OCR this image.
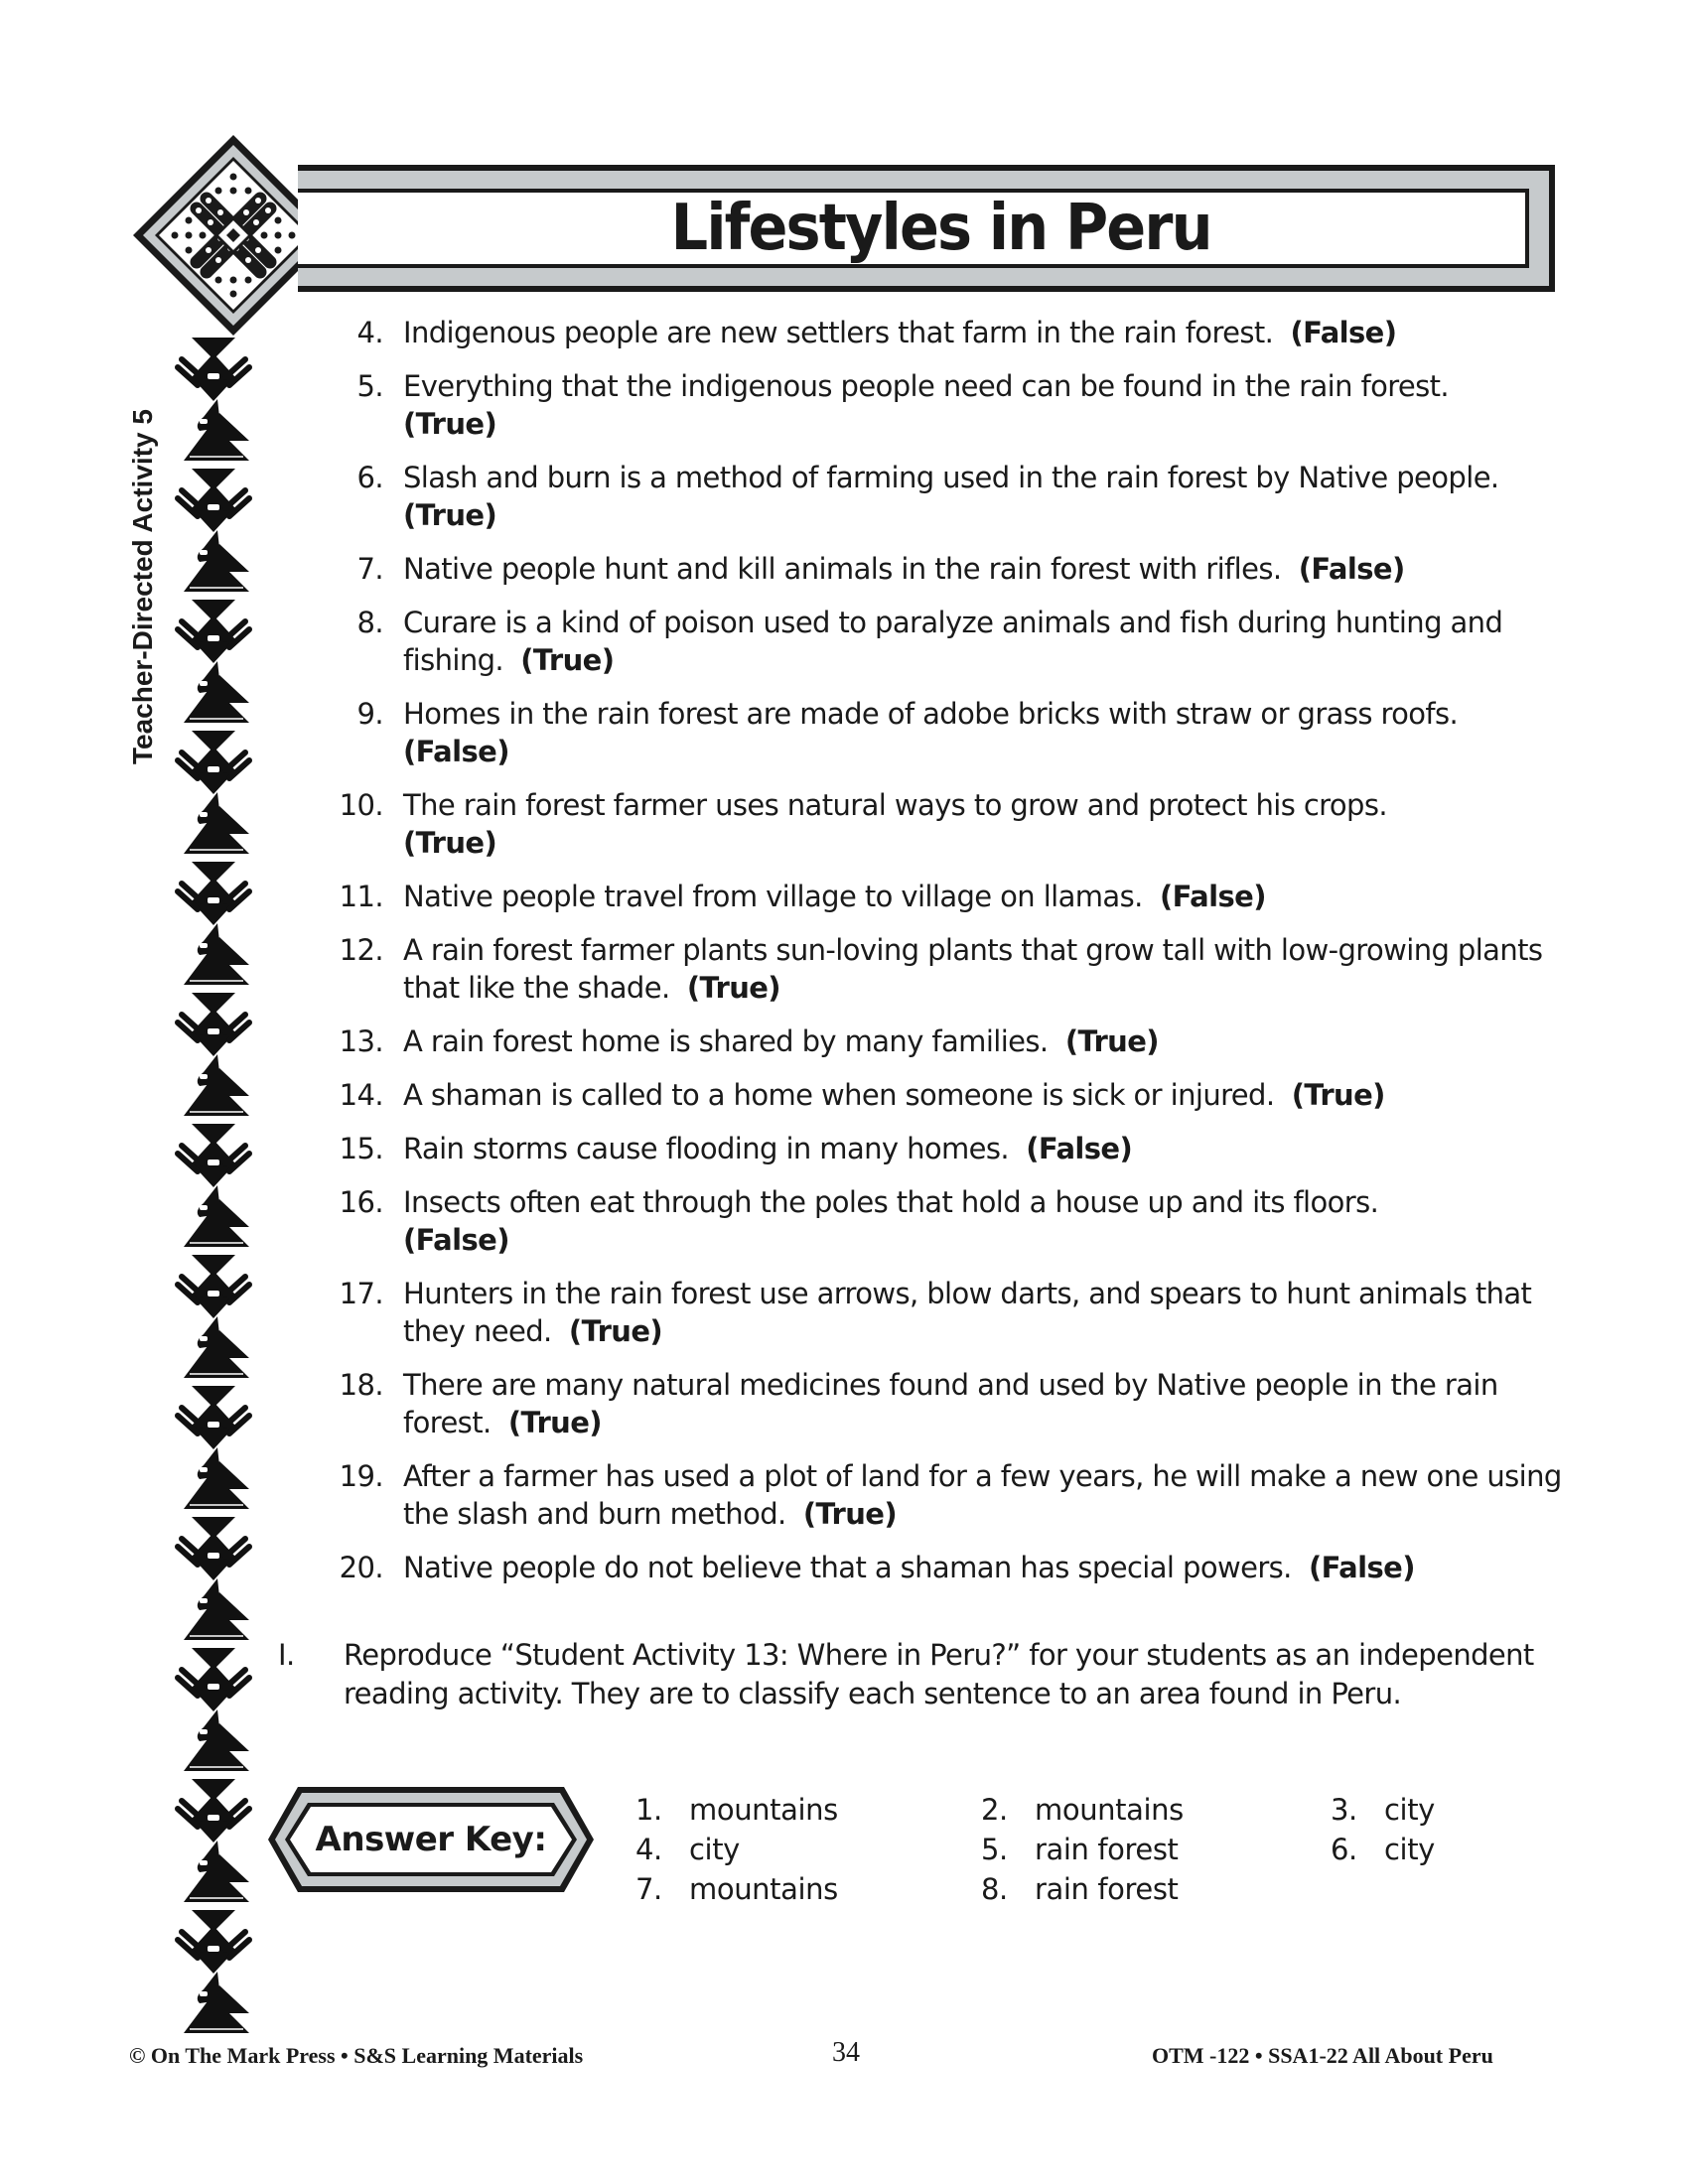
Lifestyles in Peru
Teacher-Directed Activity 5
4. Indigenous people are new settlers that farm in the rain forest. (False)
5. Everything that the indigenous people need can be found in the rain forest.
(True)
6. Slash and burn is a method of farming used in the rain forest by Native people.  (True)
7. Native people hunt and kill animals in the rain forest with rifles. (False)
8. Curare is a kind of poison used to paralyze animals and fish during hunting and fishing. (True)
9. Homes in the rain forest are made of adobe bricks with straw or grass roofs.
(False)
10. The rain forest farmer uses natural ways to grow and protect his crops.
(True)
11. Native people travel from village to village on llamas. (False)
12. A rain forest farmer plants sun-loving plants that grow tall with low-growing plants that like the shade. (True)
13. A rain forest home is shared by many families. (True)
14. A shaman is called to a home when someone is sick or injured. (True)
15. Rain storms cause flooding in many homes. (False)
16. Insects often eat through the poles that hold a house up and its floors.
(False)
17. Hunters in the rain forest use arrows, blow darts, and spears to hunt animals that they need. (True)
18. There are many natural medicines found and used by Native people in the rain forest. (True)
19. After a farmer has used a plot of land for a few years, he will make a new one using the slash and burn method. (True)
20. Native people do not believe that a shaman has special powers. (False)
I.	Reproduce “Student Activity 13: Where in Peru?” for your students as an independent reading activity. They are to classify each sentence to an area found in Peru.
Answer Key:
1. mountains	2. mountains	3. city
4. city	5. rain forest	6. city
7. mountains	8. rain forest
© On The Mark Press • S&S Learning Materials	34	OTM -122 • SSA1-22 All About Peru
